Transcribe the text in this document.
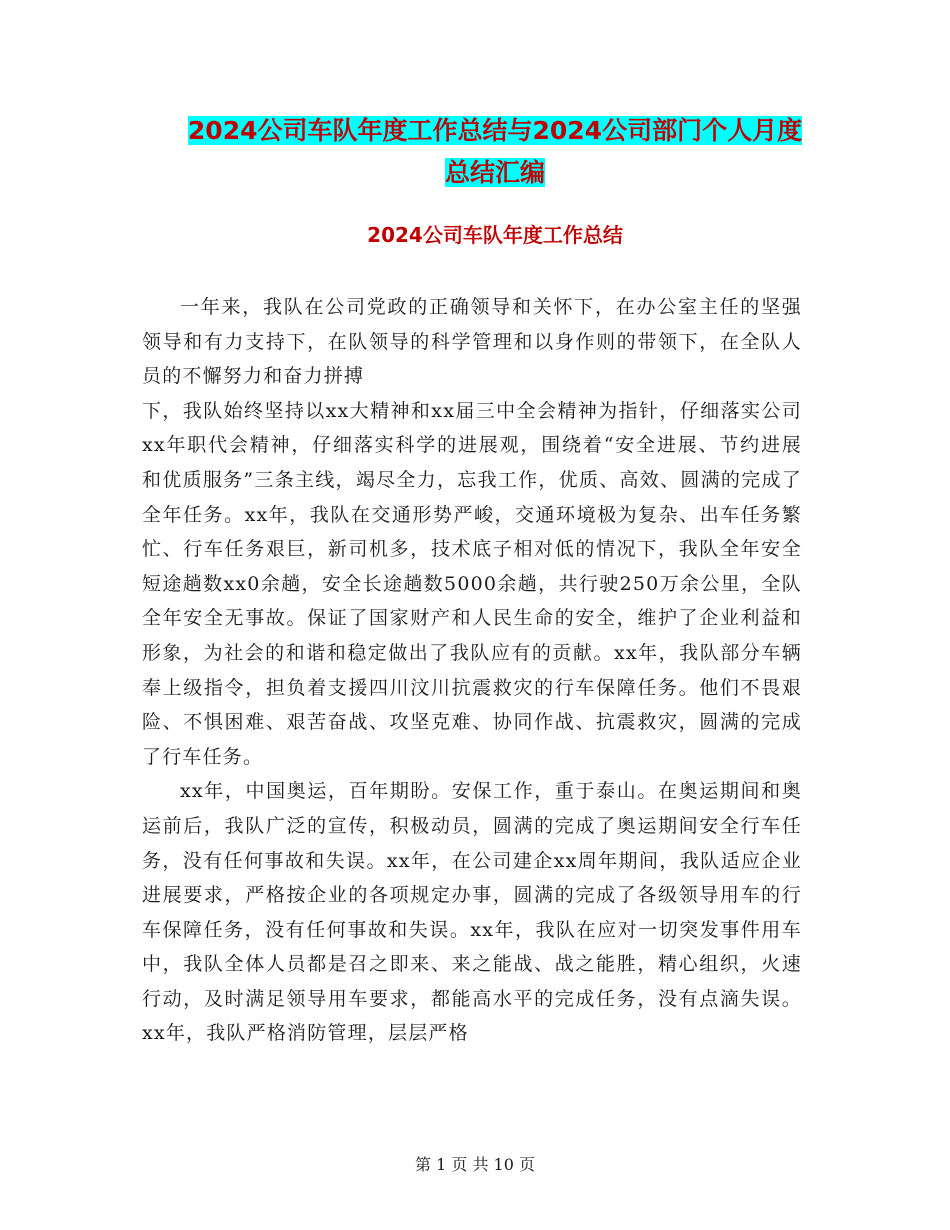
2024公司车队年度工作总结与2024公司部门个人月度
总结汇编
2024公司车队年度工作总结

一年来，我队在公司党政的正确领导和关怀下，在办公室主任的坚强领导和有力支持下，在队领导的科学管理和以身作则的带领下，在全队人员的不懈努力和奋力拼搏

下，我队始终坚持以xx大精神和xx届三中全会精神为指针，仔细落实公司xx年职代会精神，仔细落实科学的进展观，围绕着“安全进展、节约进展和优质服务”三条主线，竭尽全力，忘我工作，优质、高效、圆满的完成了全年任务。xx年，我队在交通形势严峻，交通环境极为复杂、出车任务繁忙、行车任务艰巨，新司机多，技术底子相对低的情况下，我队全年安全短途趟数xx0余趟，安全长途趟数5000余趟，共行驶250万余公里，全队全年安全无事故。保证了国家财产和人民生命的安全，维护了企业利益和形象，为社会的和谐和稳定做出了我队应有的贡献。xx年，我队部分车辆奉上级指令，担负着支援四川汶川抗震救灾的行车保障任务。他们不畏艰险、不惧困难、艰苦奋战、攻坚克难、协同作战、抗震救灾，圆满的完成了行车任务。

xx年，中国奥运，百年期盼。安保工作，重于泰山。在奥运期间和奥运前后，我队广泛的宣传，积极动员，圆满的完成了奥运期间安全行车任务，没有任何事故和失误。xx年，在公司建企xx周年期间，我队适应企业进展要求，严格按企业的各项规定办事，圆满的完成了各级领导用车的行车保障任务，没有任何事故和失误。xx年，我队在应对一切突发事件用车中，我队全体人员都是召之即来、来之能战、战之能胜，精心组织，火速行动，及时满足领导用车要求，都能高水平的完成任务，没有点滴失误。xx年，我队严格消防管理，层层严格

第 1 页 共 10 页
